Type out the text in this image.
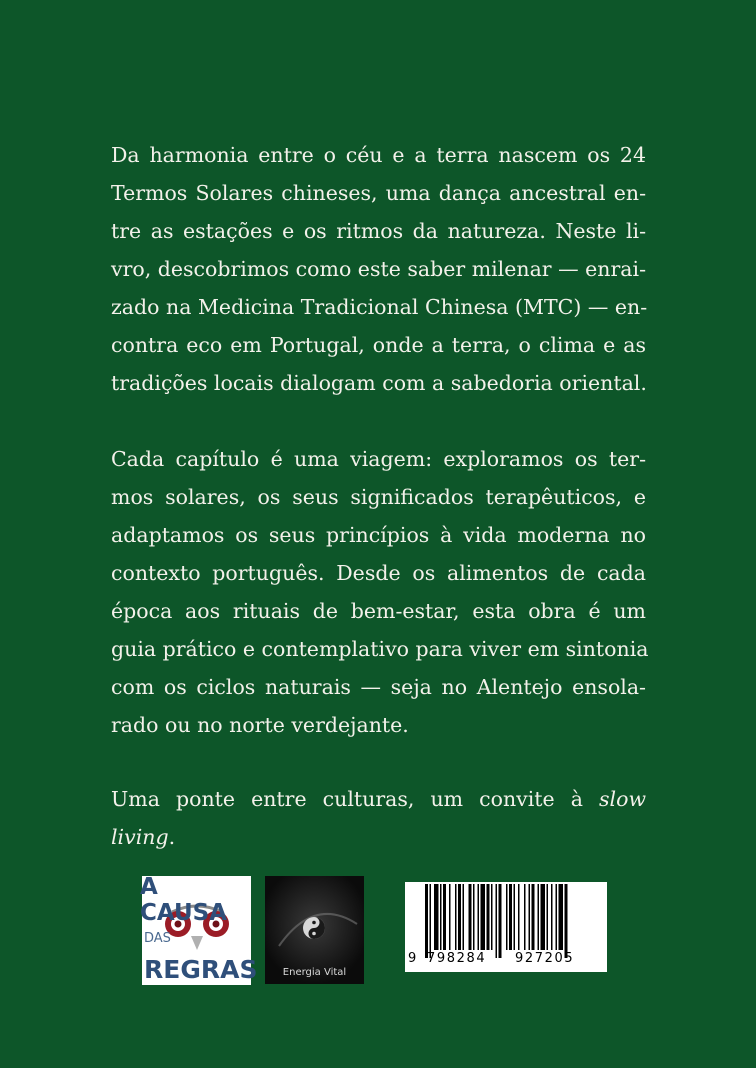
Da harmonia entre o céu e a terra nascem os 24
Termos Solares chineses, uma dança ancestral en-
tre as estações e os ritmos da natureza. Neste li-
vro, descobrimos como este saber milenar — enrai-
zado na Medicina Tradicional Chinesa (MTC) — en-
contra eco em Portugal, onde a terra, o clima e as
tradições locais dialogam com a sabedoria oriental.
Cada capítulo é uma viagem: exploramos os ter-
mos solares, os seus significados terapêuticos, e
adaptamos os seus princípios à vida moderna no
contexto português. Desde os alimentos de cada
época aos rituais de bem-estar, esta obra é um
guia prático e contemplativo para viver em sintonia
com os ciclos naturais — seja no Alentejo ensola-
rado ou no norte verdejante.
Uma ponte entre culturas, um convite à slow
living.
A CAUSA
DAS
REGRAS	Energia Vital
9 798284 927205
